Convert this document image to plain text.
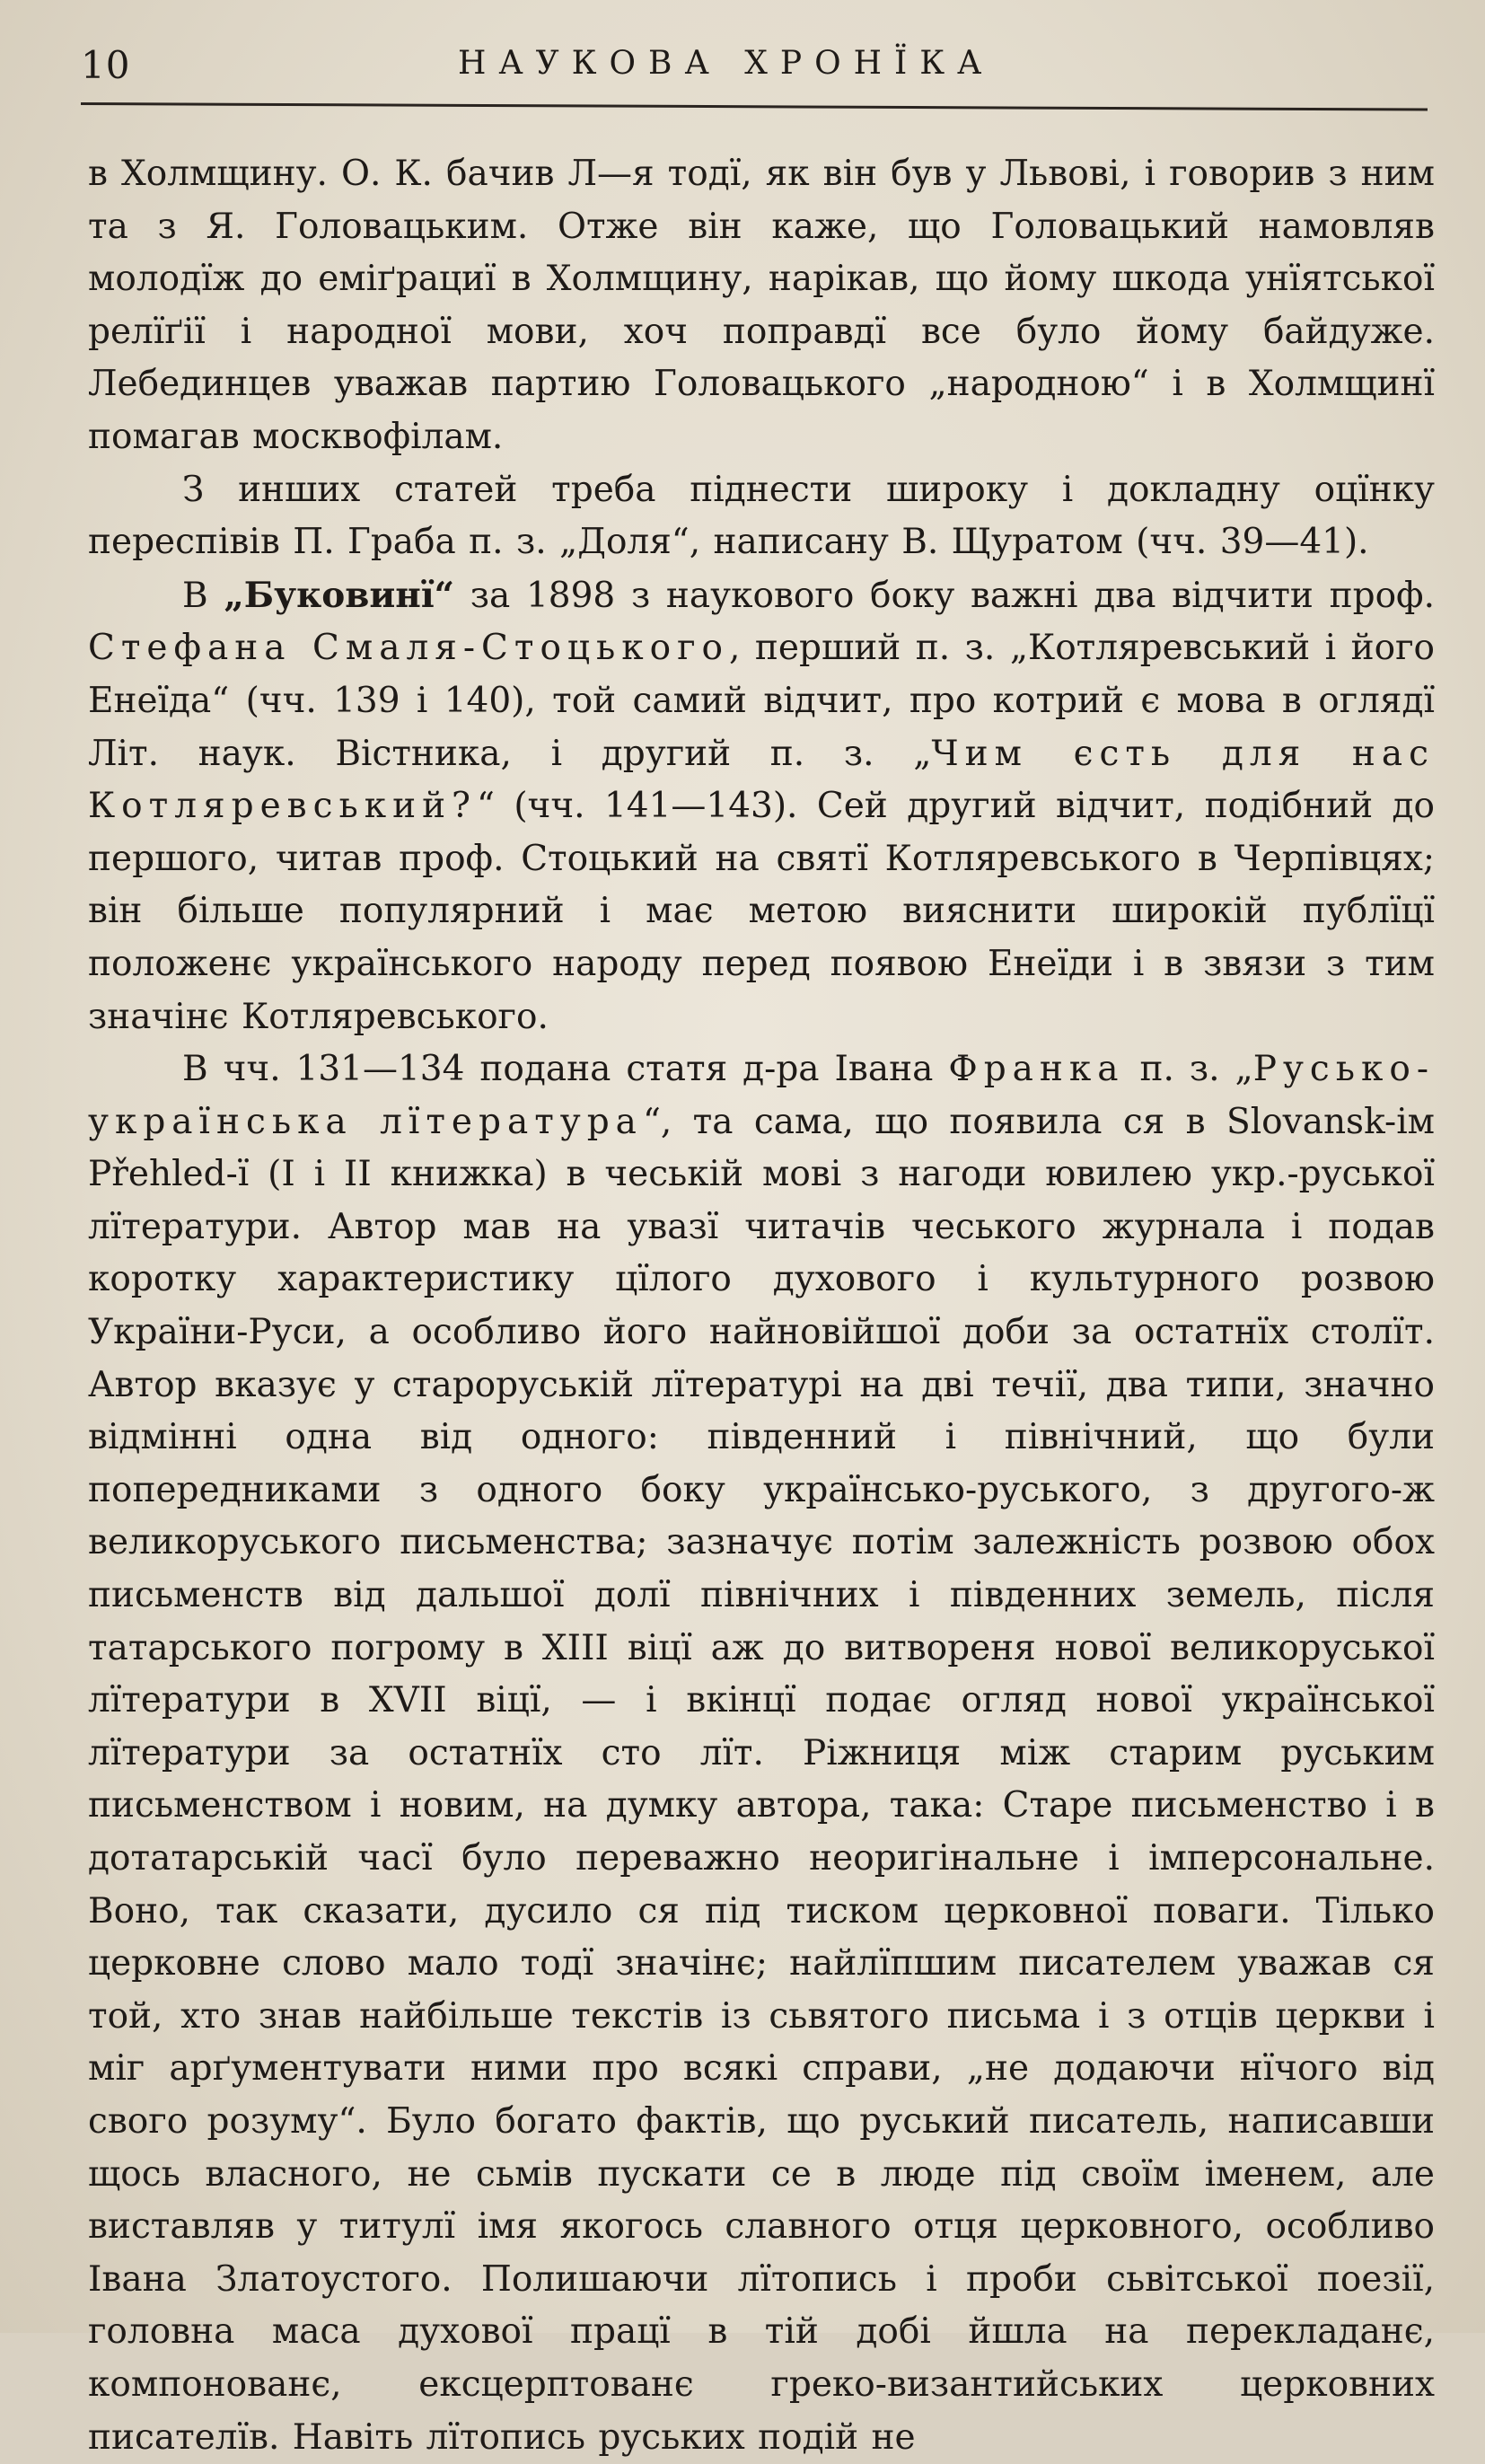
10	НАУКОВА ХРОНЇКА

в Холмщину. О. К. бачив Л—я тодї, як він був у Львові, і говорив з ним та з Я. Головацьким. Отже він каже, що Головацький намовляв молодїж до еміґрациї в Холмщину, нарікав, що йому шкода унїятської релїґії і народної мови, хоч поправдї все було йому байдуже. Лебединцев уважав партию Головацького „народною“ і в Холмщинї помагав москвофілам.

З инших статей треба піднести широку і докладну оцїнку переспівів П. Граба п. з. „Доля“, написану В. Щуратом (чч. 39—41).

В „Буковинї“ за 1898 з наукового боку важні два відчити проф. Стефана Смаля-Стоцького, перший п. з. „Котляревський і його Енеїда“ (чч. 139 і 140), той самий відчит, про котрий є мова в оглядї Літ. наук. Вістника, і другий п. з. „Чим єсть для нас Котляревський?“ (чч. 141—143). Сей другий відчит, подібний до першого, читав проф. Стоцький на святї Котляревського в Черпівцях; він більше популярний і має метою вияснити широкій публїцї положенє українського народу перед появою Енеїди і в звязи з тим значінє Котляревського.

В чч. 131—134 подана статя д-ра Івана Франка п. з. „Русько-українська лїтература“, та сама, що появила ся в Slovansk-ім Přehled-ї (І і ІІ книжка) в чеській мові з нагоди ювилею укр.-руської лїтератури. Автор мав на увазї читачів чеського журнала і подав коротку характеристику цїлого духового і культурного розвою України-Руси, а особливо його найновійшої доби за остатнїх столїт. Автор вказує у староруській лїтературі на дві течії, два типи, значно відмінні одна від одного: південний і північний, що були попередниками з одного боку українсько-руського, з другого-ж великоруського письменства; зазначує потім залежність розвою обох письменств від дальшої долї північних і південних земель, після татарського погрому в XIII віцї аж до витвореня нової великоруської лїтератури в XVII віцї, — і вкінцї подає огляд нової української лїтератури за остатнїх сто лїт. Ріжниця між старим руським письменством і новим, на думку автора, така: Старе письменство і в дотатарській часї було переважно неоригінальне і імперсональне. Воно, так сказати, дусило ся під тиском церковної поваги. Тілько церковне слово мало тодї значінє; найлїпшим писателем уважав ся той, хто знав найбільше текстів із сьвятого письма і з отців церкви і міг арґументувати ними про всякі справи, „не додаючи нїчого від свого розуму“. Було богато фактів, що руський писатель, написавши щось власного, не сьмів пускати се в люде під своїм іменем, але виставляв у титулї імя якогось славного отця церковного, особливо Івана Златоустого. Полишаючи лїтопись і проби сьвітської поезії, головна маса духової працї в тій добі йшла на перекладанє, компонованє, ексцерптованє греко-византийських церковних писателїв. Навіть лїтопись руських подій не
